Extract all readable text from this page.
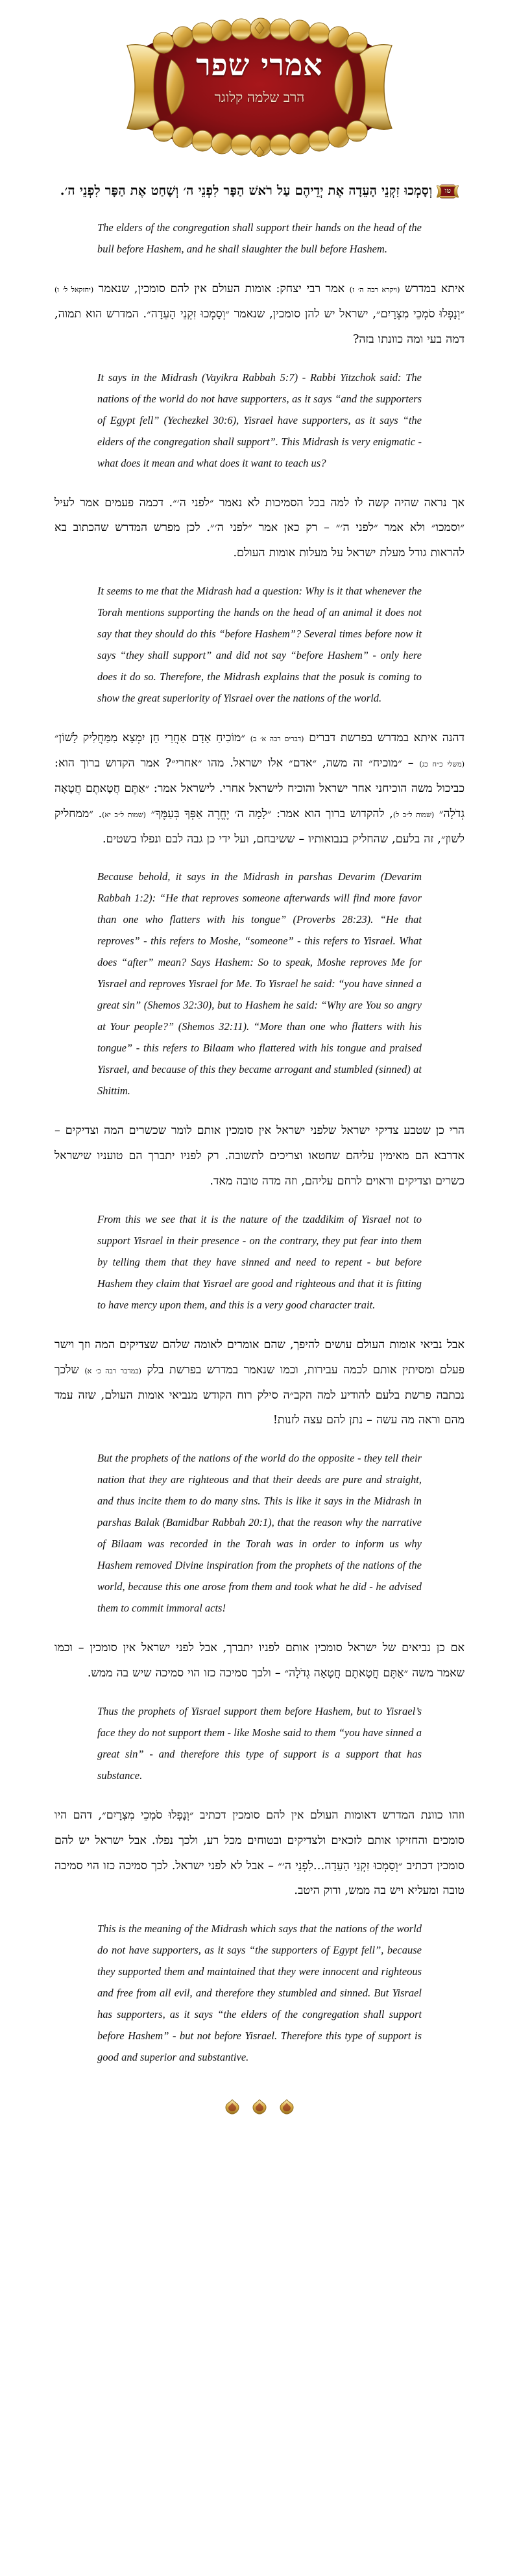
אמרי שפר
הרב שלמה קלוגר
טו
וְסָמְכוּ זִקְנֵי הָעֵדָה אֶת יְדֵיהֶם עַל רֹאשׁ הַפָּר לִפְנֵי ה׳ וְשָׁחַט אֶת הַפָּר לִפְנֵי ה׳.

The elders of the congregation shall support their hands on the head of the bull before Hashem, and he shall slaughter the bull before Hashem.

איתא במדרש (ויקרא רבה ה׳ ז) אמר רבי יצחק: אומות העולם אין להם סומכין, שנאמר (יחזקאל ל׳ ו) ״וְנָפְלוּ סֹמְכֵי מִצְרָיִם״, ישראל יש להן סומכין, שנאמר ״וְסָמְכוּ זִקְנֵי הָעֵדָה״. המדרש הוא תמוה, דמה בעי ומה כוונתו בזה?

It says in the Midrash (Vayikra Rabbah 5:7) - Rabbi Yitzchok said: The nations of the world do not have supporters, as it says “and the supporters of Egypt fell” (Yechezkel 30:6), Yisrael have supporters, as it says “the elders of the congregation shall support”. This Midrash is very enigmatic - what does it mean and what does it want to teach us?

אך נראה שהיה קשה לו למה בכל הסמיכות לא נאמר ״לפני ה׳״. דכמה פעמים אמר לעיל ״וסמכו״ ולא אמר ״לפני ה׳״ – רק כאן אמר ״לפני ה׳״. לכן מפרש המדרש שהכתוב בא להראות גודל מעלת ישראל על מעלות אומות העולם.

It seems to me that the Midrash had a question: Why is it that whenever the Torah mentions supporting the hands on the head of an animal it does not say that they should do this “before Hashem”? Several times before now it says “they shall support” and did not say “before Hashem” - only here does it do so. Therefore, the Midrash explains that the posuk is coming to show the great superiority of Yisrael over the nations of the world.

דהנה איתא במדרש בפרשת דברים (דברים רבה א׳ ב) ״מוֹכִיחַ אָדָם אַחֲרַי חֵן יִמְצָא מִמַּחֲלִיק לָשׁוֹן״ (משלי כ״ח כג) – ״מוכיח״ זה משה, ״אדם״ אלו ישראל. מהו ״אחרי״? אמר הקדוש ברוך הוא: כביכול משה הוכיחני אחר ישראל והוכיח לישראל אחרי. לישראל אמר: ״אַתֶּם חֲטָאתֶם חֲטָאָה גְדֹלָה״ (שמות ל״ב ל), להקדוש ברוך הוא אמר: ״לָמָה ה׳ יֶחֱרֶה אַפְּךָ בְּעַמֶּךָ״ (שמות ל״ב יא). ״ממחליק לשון״, זה בלעם, שהחליק בנבואותיו – ששיבחם, ועל ידי כן גבה לבם ונפלו בשטים.

Because behold, it says in the Midrash in parshas Devarim (Devarim Rabbah 1:2): “He that reproves someone afterwards will find more favor than one who flatters with his tongue” (Proverbs 28:23). “He that reproves” - this refers to Moshe, “someone” - this refers to Yisrael. What does “after” mean? Says Hashem: So to speak, Moshe reproves Me for Yisrael and reproves Yisrael for Me. To Yisrael he said: “you have sinned a great sin” (Shemos 32:30), but to Hashem he said: “Why are You so angry at Your people?” (Shemos 32:11). “More than one who flatters with his tongue” - this refers to Bilaam who flattered with his tongue and praised Yisrael, and because of this they became arrogant and stumbled (sinned) at Shittim.

הרי כן שטבע צדיקי ישראל שלפני ישראל אין סומכין אותם לומר שכשרים המה וצדיקים – אדרבא הם מאימין עליהם שחטאו וצריכים לתשובה. רק לפניו יתברך הם טועניו שישראל כשרים וצדיקים וראוים לרחם עליהם, וזה מדה טובה מאד.

From this we see that it is the nature of the tzaddikim of Yisrael not to support Yisrael in their presence - on the contrary, they put fear into them by telling them that they have sinned and need to repent - but before Hashem they claim that Yisrael are good and righteous and that it is fitting to have mercy upon them, and this is a very good character trait.

אבל נביאי אומות העולם עושים להיפך, שהם אומרים לאומה שלהם שצדיקים המה וזך וישר פעלם ומסיתין אותם לכמה עבירות, וכמו שנאמר במדרש בפרשת בלק (במדבר רבה כ׳ א) שלכך נכתבה פרשת בלעם להודיע למה הקב״ה סילק רוח הקודש מנביאי אומות העולם, שזה עמד מהם וראה מה עשה – נתן להם עצה לזנות!

But the prophets of the nations of the world do the opposite - they tell their nation that they are righteous and that their deeds are pure and straight, and thus incite them to do many sins. This is like it says in the Midrash in parshas Balak (Bamidbar Rabbah 20:1), that the reason why the narrative of Bilaam was recorded in the Torah was in order to inform us why Hashem removed Divine inspiration from the prophets of the nations of the world, because this one arose from them and took what he did - he advised them to commit immoral acts!

אם כן נביאים של ישראל סומכין אותם לפניו יתברך, אבל לפני ישראל אין סומכין – וכמו שאמר משה ״אַתֶּם חֲטָאתֶם חֲטָאָה גְדֹלָה״ – ולכך סמיכה כזו הוי סמיכה שיש בה ממש.

Thus the prophets of Yisrael support them before Hashem, but to Yisrael’s face they do not support them - like Moshe said to them “you have sinned a great sin” - and therefore this type of support is a support that has substance.

וזהו כוונת המדרש דאומות העולם אין להם סומכין דכתיב ״וְנָפְלוּ סֹמְכֵי מִצְרָיִם״, דהם היו סומכים והחזיקו אותם לזכאים ולצדיקים ובטוחים מכל רע, ולכך נפלו. אבל ישראל יש להם סומכין דכתיב ״וְסָמְכוּ זִקְנֵי הָעֵדָה…לִפְנֵי ה׳״ – אבל לא לפני ישראל. לכך סמיכה כזו הוי סמיכה טובה ומעליא ויש בה ממש, ודוק היטב.

This is the meaning of the Midrash which says that the nations of the world do not have supporters, as it says “the supporters of Egypt fell”, because they supported them and maintained that they were innocent and righteous and free from all evil, and therefore they stumbled and sinned. But Yisrael has supporters, as it says “the elders of the congregation shall support before Hashem” - but not before Yisrael. Therefore this type of support is good and superior and substantive.
